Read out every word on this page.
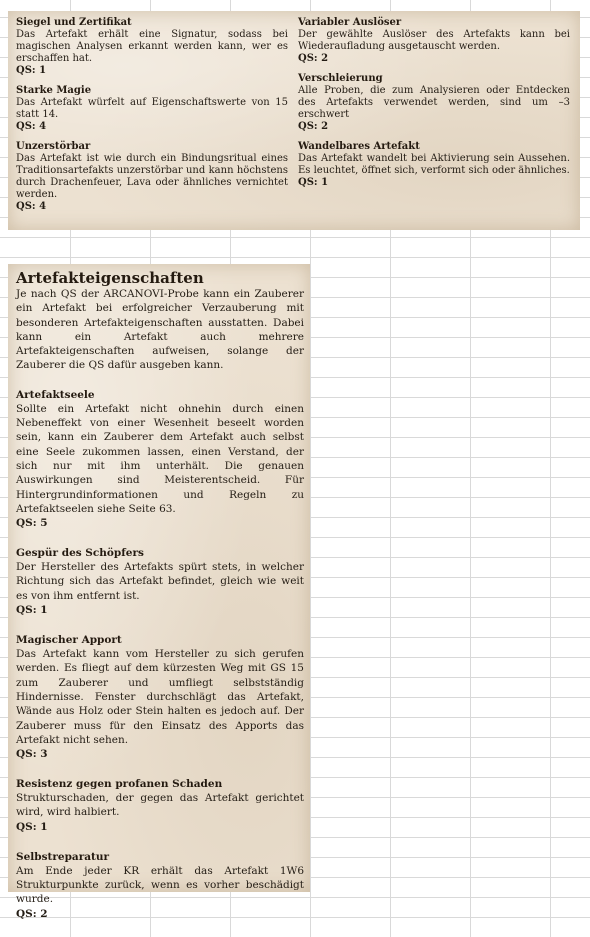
Siegel und Zertifikat

Das Artefakt erhält eine Signatur, sodass bei magischen Analysen erkannt werden kann, wer es erschaffen hat.

QS: 1
Starke Magie

Das Artefakt würfelt auf Eigenschaftswerte von 15 statt 14.

QS: 4
Unzerstörbar

Das Artefakt ist wie durch ein Bindungsritual eines Traditionsartefakts unzerstörbar und kann höchstens durch Drachenfeuer, Lava oder ähnliches vernichtet werden.

QS: 4
Variabler Auslöser

Der gewählte Auslöser des Artefakts kann bei Wiederaufladung ausgetauscht werden.

QS: 2
Verschleierung

Alle Proben, die zum Analysieren oder Entdecken des Artefakts verwendet werden, sind um –3 erschwert

QS: 2
Wandelbares Artefakt

Das Artefakt wandelt bei Aktivierung sein Aussehen. Es leuchtet, öffnet sich, verformt sich oder ähnliches.

QS: 1
Artefakteigenschaften

Je nach QS der ARCANOVI-Probe kann ein Zauberer ein Artefakt bei erfolgreicher Verzauberung mit besonderen Artefakteigenschaften ausstatten. Dabei kann ein Artefakt auch mehrere Artefakteigenschaften aufweisen, solange der Zauberer die QS dafür ausgeben kann.

Artefaktseele

Sollte ein Artefakt nicht ohnehin durch einen Nebeneffekt von einer Wesenheit beseelt worden sein, kann ein Zauberer dem Artefakt auch selbst eine Seele zukommen lassen, einen Verstand, der sich nur mit ihm unterhält. Die genauen Auswirkungen sind Meisterentscheid. Für Hintergrundinformationen und Regeln zu Artefaktseelen siehe Seite 63.

QS: 5
Gespür des Schöpfers

Der Hersteller des Artefakts spürt stets, in welcher Richtung sich das Artefakt befindet, gleich wie weit es von ihm entfernt ist.

QS: 1
Magischer Apport

Das Artefakt kann vom Hersteller zu sich gerufen werden. Es fliegt auf dem kürzesten Weg mit GS 15 zum Zauberer und umfliegt selbstständig Hindernisse. Fenster durchschlägt das Artefakt, Wände aus Holz oder Stein halten es jedoch auf. Der Zauberer muss für den Einsatz des Apports das Artefakt nicht sehen.

QS: 3
Resistenz gegen profanen Schaden

Strukturschaden, der gegen das Artefakt gerichtet wird, wird halbiert.

QS: 1
Selbstreparatur

Am Ende jeder KR erhält das Artefakt 1W6 Strukturpunkte zurück, wenn es vorher beschädigt wurde.

QS: 2
